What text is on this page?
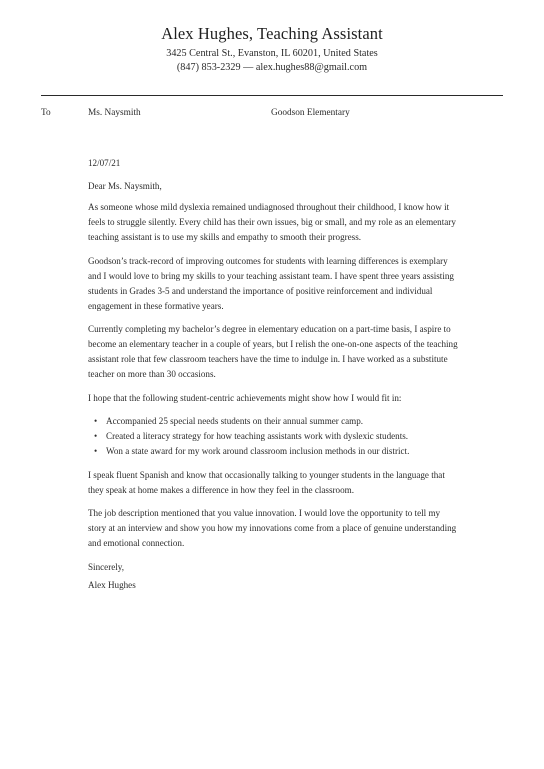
Alex Hughes, Teaching Assistant
3425 Central St., Evanston, IL 60201, United States
(847) 853-2329 — alex.hughes88@gmail.com
To	Ms. Naysmith	Goodson Elementary

12/07/21

Dear Ms. Naysmith,

As someone whose mild dyslexia remained undiagnosed throughout their childhood, I know how it feels to struggle silently. Every child has their own issues, big or small, and my role as an elementary teaching assistant is to use my skills and empathy to smooth their progress.

Goodson’s track-record of improving outcomes for students with learning differences is exemplary and I would love to bring my skills to your teaching assistant team. I have spent three years assisting students in Grades 3-5 and understand the importance of positive reinforcement and individual engagement in these formative years.

Currently completing my bachelor’s degree in elementary education on a part-time basis, I aspire to become an elementary teacher in a couple of years, but I relish the one-on-one aspects of the teaching assistant role that few classroom teachers have the time to indulge in. I have worked as a substitute teacher on more than 30 occasions.

I hope that the following student-centric achievements might show how I would fit in:

• Accompanied 25 special needs students on their annual summer camp.
• Created a literacy strategy for how teaching assistants work with dyslexic students.
• Won a state award for my work around classroom inclusion methods in our district.

I speak fluent Spanish and know that occasionally talking to younger students in the language that they speak at home makes a difference in how they feel in the classroom.

The job description mentioned that you value innovation. I would love the opportunity to tell my story at an interview and show you how my innovations come from a place of genuine understanding and emotional connection.

Sincerely,

Alex Hughes
